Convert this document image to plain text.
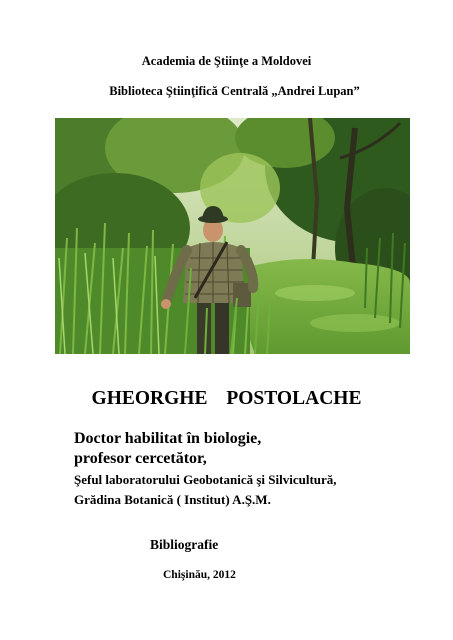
Academia de Ştiinţe a Moldovei
Biblioteca Ştiinţifică Centrală „Andrei Lupan”
GHEORGHE POSTOLACHE
Doctor habilitat în biologie,
profesor cercetător,
Şeful laboratorului Geobotanică şi Silvicultură,
Grădina Botanică ( Institut) A.Ş.M.
Bibliografie
Chişinău, 2012
